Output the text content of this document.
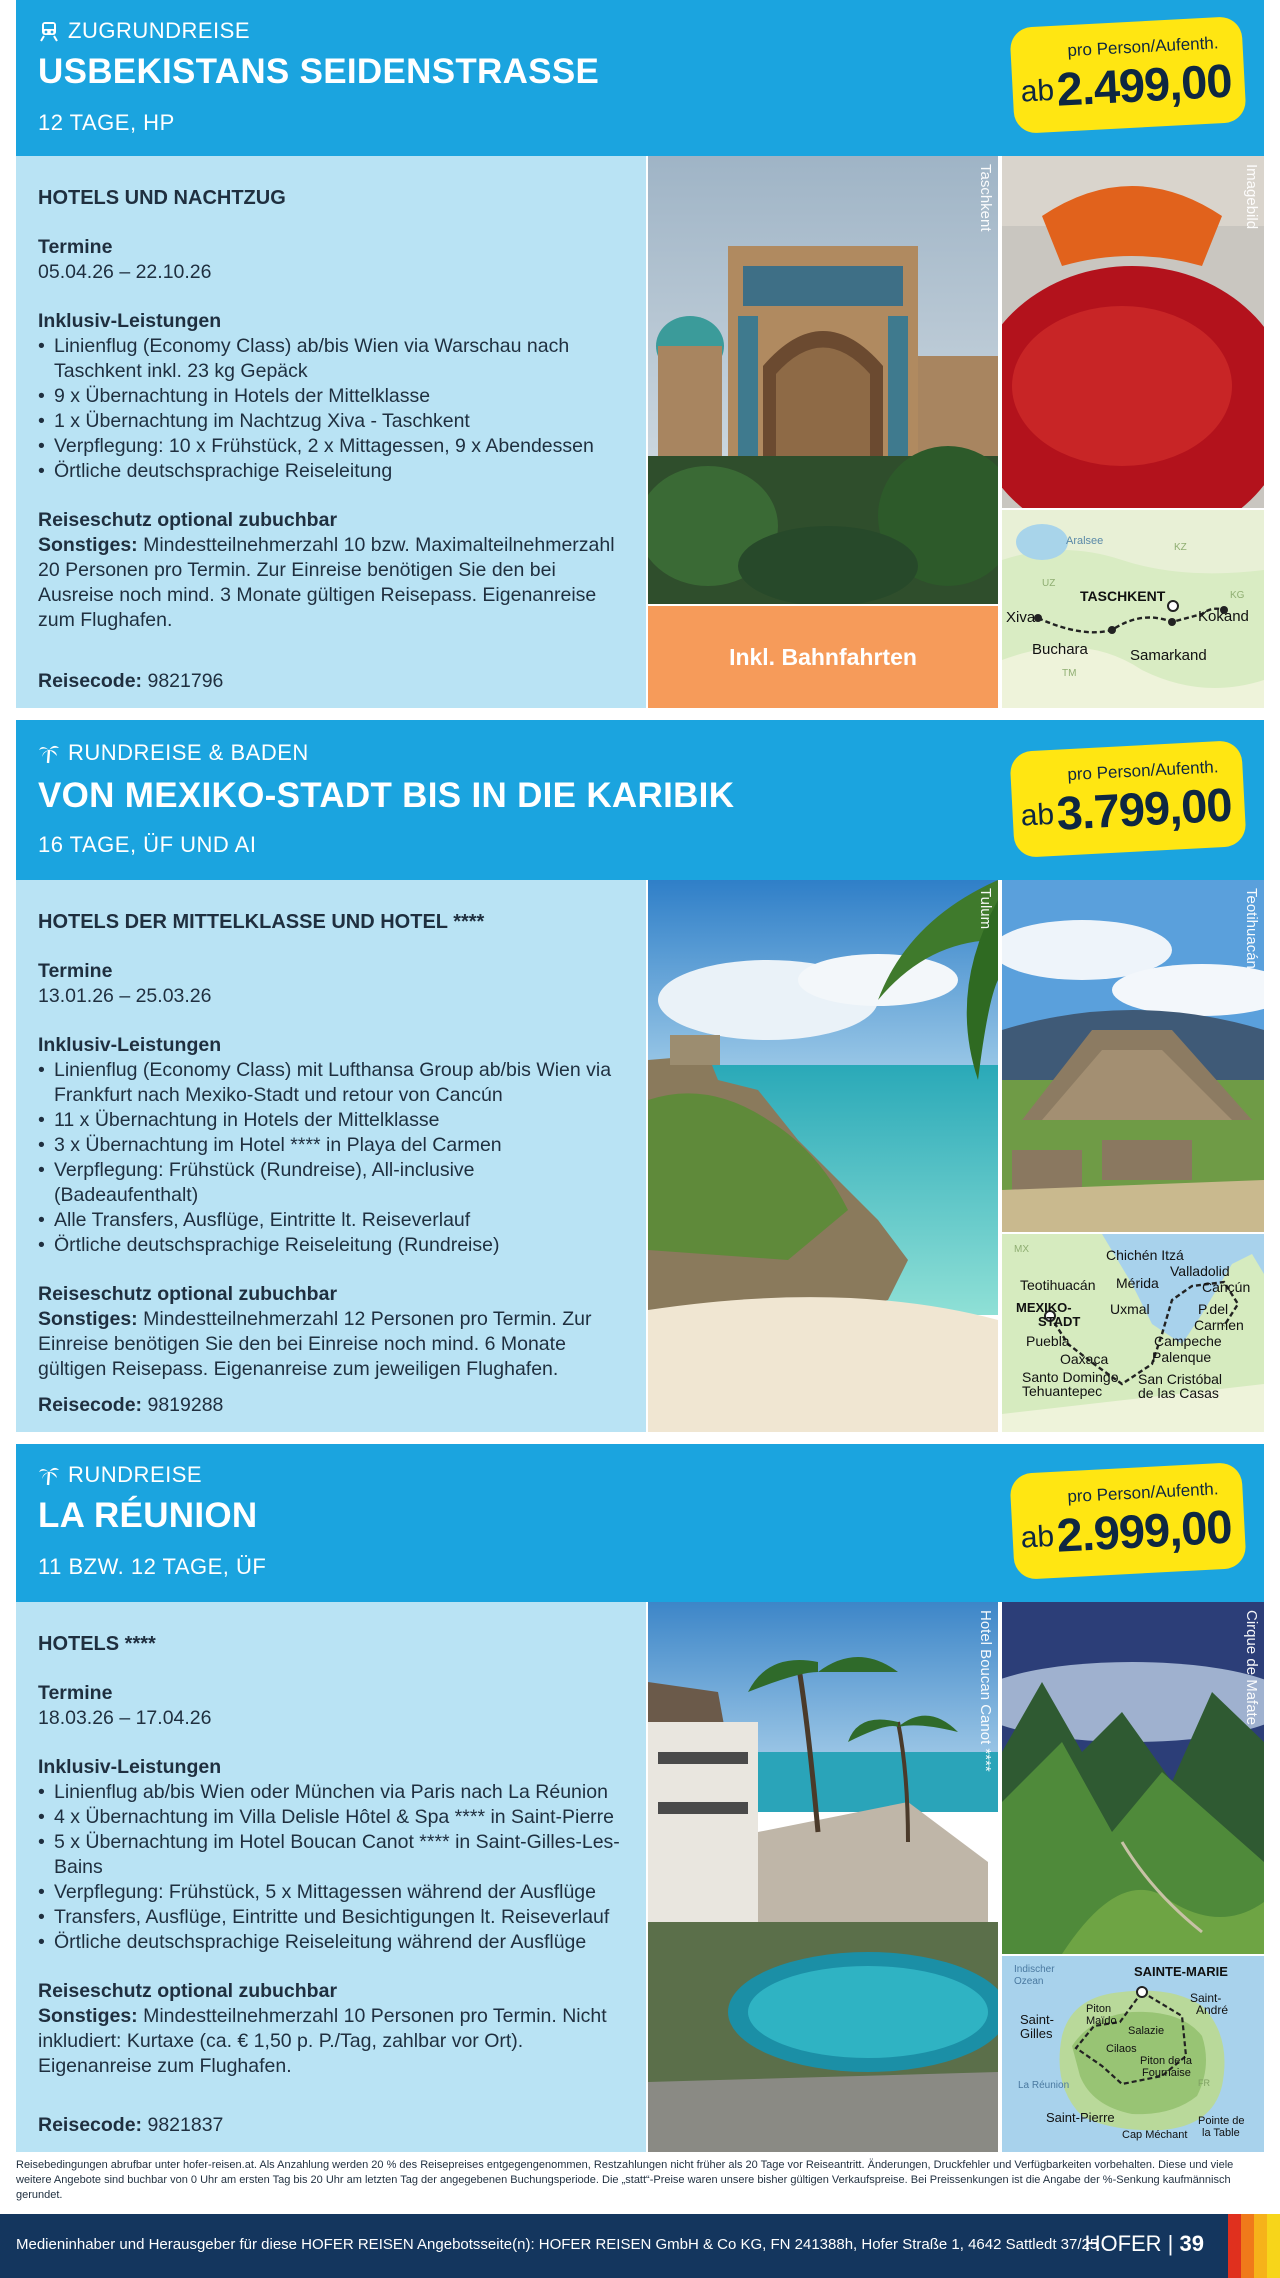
ZUGRUNDREISE
USBEKISTANS SEIDENSTRASSE
12 TAGE, HP
pro Person/Aufenth.
ab 2.499,00
HOTELS UND NACHTZUG
Termine
05.04.26 – 22.10.26
Inklusiv-Leistungen
• Linienflug (Economy Class) ab/bis Wien via Warschau nach Taschkent inkl. 23 kg Gepäck
• 9 x Übernachtung in Hotels der Mittelklasse
• 1 x Übernachtung im Nachtzug Xiva - Taschkent
• Verpflegung: 10 x Frühstück, 2 x Mittagessen, 9 x Abendessen
• Örtliche deutschsprachige Reiseleitung
Reiseschutz optional zubuchbar
Sonstiges: Mindestteilnehmerzahl 10 bzw. Maximalteilnehmerzahl 20 Personen pro Termin. Zur Einreise benötigen Sie den bei Ausreise noch mind. 3 Monate gültigen Reisepass. Eigenanreise zum Flughafen.
Reisecode: 9821796
Taschkent
Inkl. Bahnfahrten
Imagebild
Aralsee
KZ
UZ
KG
TM
TASCHKENT
Xiva	Kokand
Buchara	Samarkand
RUNDREISE & BADEN
VON MEXIKO-STADT BIS IN DIE KARIBIK
16 TAGE, ÜF UND AI
pro Person/Aufenth.
ab 3.799,00
HOTELS DER MITTELKLASSE UND HOTEL ****
Termine
13.01.26 – 25.03.26
Inklusiv-Leistungen
• Linienflug (Economy Class) mit Lufthansa Group ab/bis Wien via Frankfurt nach Mexiko-Stadt und retour von Cancún
• 11 x Übernachtung in Hotels der Mittelklasse
• 3 x Übernachtung im Hotel **** in Playa del Carmen
• Verpflegung: Frühstück (Rundreise), All-inclusive (Badeaufenthalt)
• Alle Transfers, Ausflüge, Eintritte lt. Reiseverlauf
• Örtliche deutschsprachige Reiseleitung (Rundreise)
Reiseschutz optional zubuchbar
Sonstiges: Mindestteilnehmerzahl 12 Personen pro Termin. Zur Einreise benötigen Sie den bei Einreise noch mind. 6 Monate gültigen Reisepass. Eigenanreise zum jeweiligen Flughafen.
Reisecode: 9819288
Tulum	Teotihuacán
MX	Chichén Itzá
Valladolid
Teotihuacán Mérida	Cancún
MEXIKO-
STADT
Uxmal	P.del
Carmen
Puebla	Campeche
Oaxaca	Palenque
Santo Domingo
Tehuantepec
San Cristóbal
de las Casas
RUNDREISE
LA RÉUNION
11 BZW. 12 TAGE, ÜF
pro Person/Aufenth.
ab 2.999,00
HOTELS ****
Termine
18.03.26 – 17.04.26
Inklusiv-Leistungen
• Linienflug ab/bis Wien oder München via Paris nach La Réunion
• 4 x Übernachtung im Villa Delisle Hôtel & Spa **** in Saint-Pierre
• 5 x Übernachtung im Hotel Boucan Canot **** in Saint-Gilles-Les-Bains
• Verpflegung: Frühstück, 5 x Mittagessen während der Ausflüge
• Transfers, Ausflüge, Eintritte und Besichtigungen lt. Reiseverlauf
• Örtliche deutschsprachige Reiseleitung während der Ausflüge
Reiseschutz optional zubuchbar
Sonstiges: Mindestteilnehmerzahl 10 Personen pro Termin. Nicht inkludiert: Kurtaxe (ca. € 1,50 p. P./Tag, zahlbar vor Ort). Eigenanreise zum Flughafen.
Reisecode: 9821837
Hotel Boucan Canot ****	Cirque de Mafate
Indischer
Ozean
SAINTE-MARIE
Saint-
André
Piton
Maïdo
Saint-
Gilles	Salazie
Cilaos
Piton de la
Fournaise
La Réunion
Saint-Pierre
Cap Méchant
Pointe de
la Table
FR
Reisebedingungen abrufbar unter hofer-reisen.at. Als Anzahlung werden 20 % des Reisepreises entgegengenommen, Restzahlungen nicht früher als 20 Tage vor Reiseantritt. Änderungen, Druckfehler und Verfügbarkeiten vorbehalten. Diese und viele weitere Angebote sind buchbar von 0 Uhr am ersten Tag bis 20 Uhr am letzten Tag der angegebenen Buchungsperiode. Die „statt“-Preise waren unsere bisher gültigen Verkaufspreise. Bei Preissenkungen ist die Angabe der %-Senkung kaufmännisch gerundet.
Medieninhaber und Herausgeber für diese HOFER REISEN Angebotsseite(n): HOFER REISEN GmbH & Co KG, FN 241388h, Hofer Straße 1, 4642 Sattledt 37/25
HOFER | 39
